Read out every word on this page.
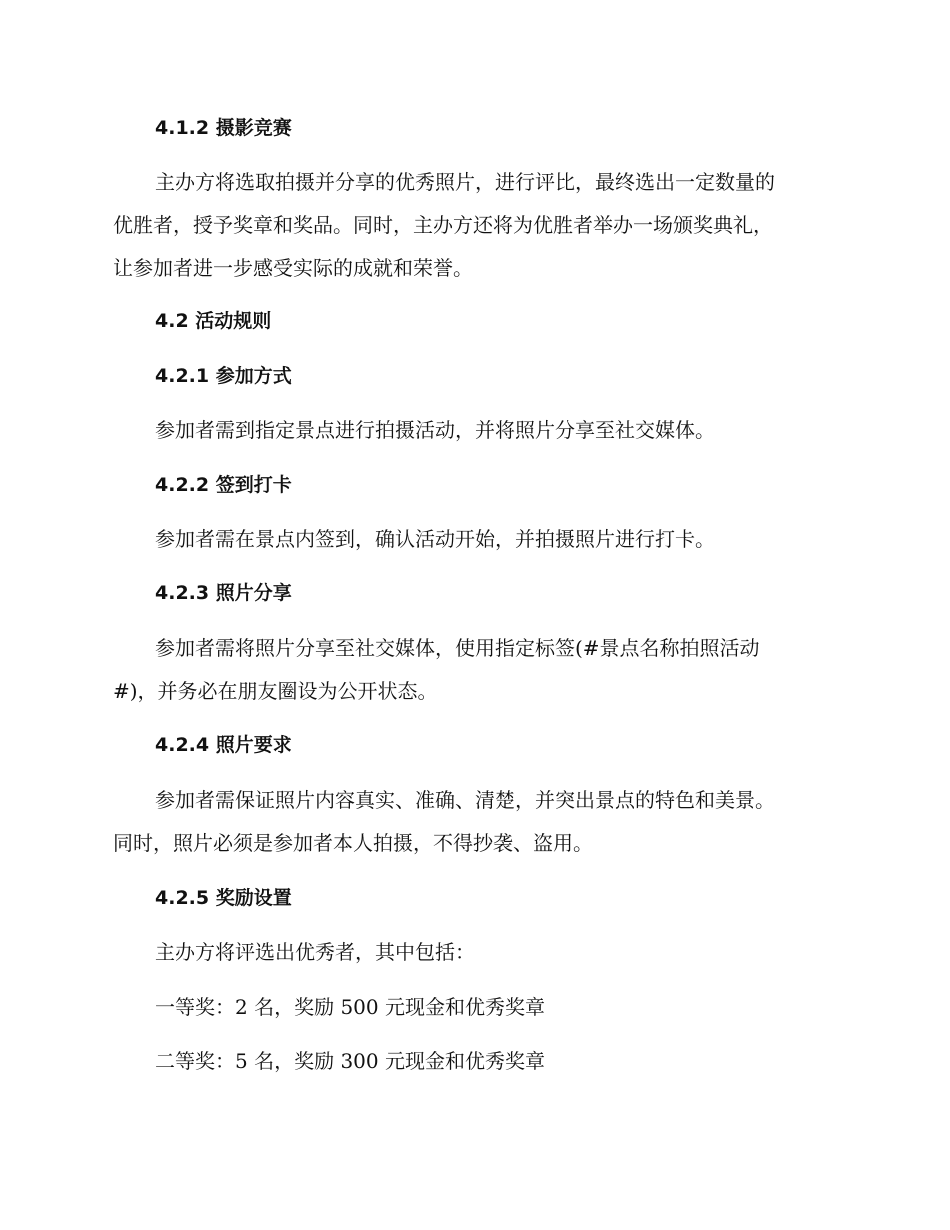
4.1.2 摄影竞赛
主办方将选取拍摄并分享的优秀照片，进行评比，最终选出一定数量的
优胜者，授予奖章和奖品。同时，主办方还将为优胜者举办一场颁奖典礼，
让参加者进一步感受实际的成就和荣誉。
4.2 活动规则
4.2.1 参加方式
参加者需到指定景点进行拍摄活动，并将照片分享至社交媒体。
4.2.2 签到打卡
参加者需在景点内签到，确认活动开始，并拍摄照片进行打卡。
4.2.3 照片分享
参加者需将照片分享至社交媒体，使用指定标签(#景点名称拍照活动
#)，并务必在朋友圈设为公开状态。
4.2.4 照片要求
参加者需保证照片内容真实、准确、清楚，并突出景点的特色和美景。
同时，照片必须是参加者本人拍摄，不得抄袭、盗用。
4.2.5 奖励设置
主办方将评选出优秀者，其中包括：
一等奖：2 名，奖励 500 元现金和优秀奖章
二等奖：5 名，奖励 300 元现金和优秀奖章
